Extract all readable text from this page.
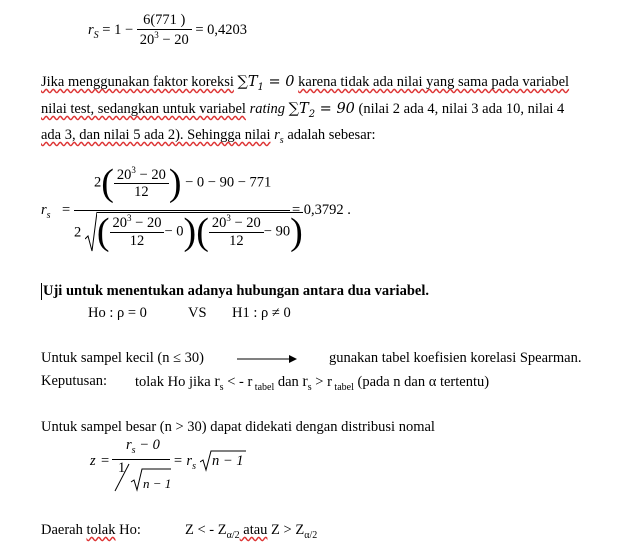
$r_S = 1 - \frac{6(771 )}{20^3 - 20} = 0,4203$
Jika menggunakan faktor koreksi $\sum T_1 = 0$ karena tidak ada nilai yang sama pada variabel
nilai test, sedangkan untuk variabel rating $\sum T_2 = 90$ (nilai 2 ada 4, nilai 3 ada 10, nilai 4
ada 3, dan nilai 5 ada 2). Sehingga nilai $r_s$ adalah sebesar:
$r_s$ =
$2( \frac{20^3 - 20}{12}$ ) − 0 − 90 − 771
2 ( $\frac{20^3 - 20}{12} - 0)( \frac{20^3 - 20}{12} - 90)$
= 0,3792 .
Uji untuk menentukan adanya hubungan antara dua variabel.
Ho : ρ = 0	VS H1 : ρ ≠ 0
Untuk sampel kecil (n ≤ 30)	gunakan tabel koefisien korelasi Spearman.
Keputusan: tolak Ho jika $r_s$ < - r $_{tabel}$ dan $r_s > r$ $_{tabel}$ (pada n dan α tertentu)
Untuk sampel besar (n > 30) dapat didekati dengan distribusi nomal
z =
$r_s - 0$
1
n − 1
= $r_s$ n − 1
Daerah tolak Ho:	Z < - $Z_{\alpha/2}$ atau $Z > Z_{\alpha/2}$
